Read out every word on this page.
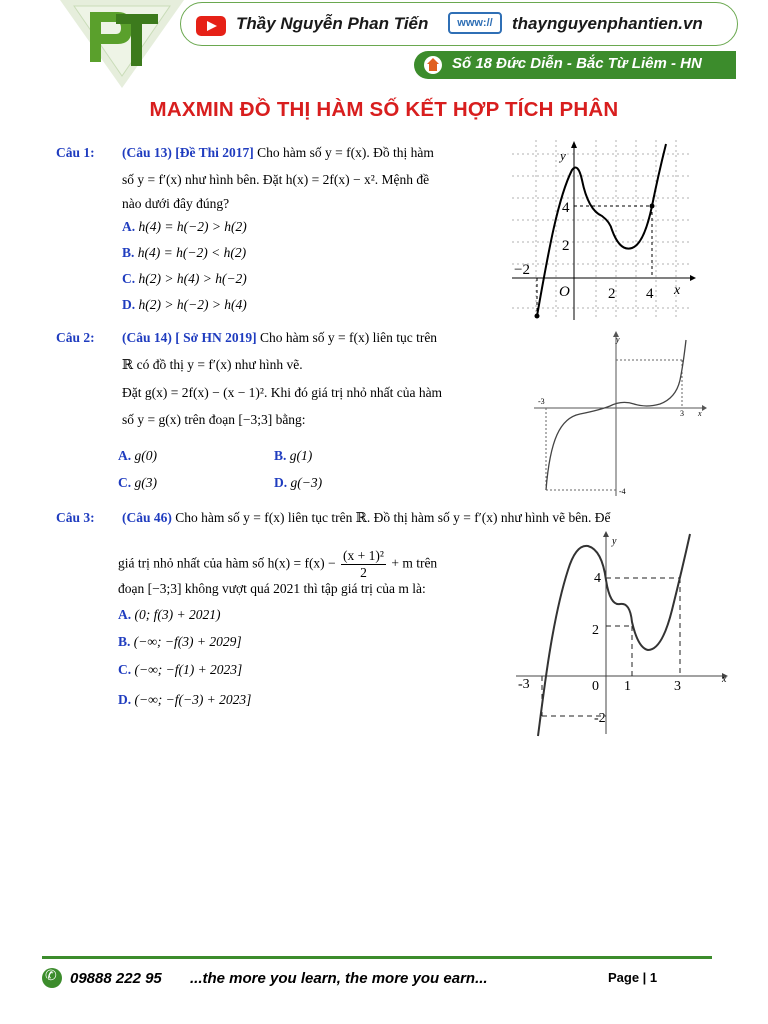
Thầy Nguyễn Phan Tiến	www://	thaynguyenphantien.vn
Số 18 Đức Diễn - Bắc Từ Liêm - HN
MAXMIN ĐỒ THỊ HÀM SỐ KẾT HỢP TÍCH PHÂN
Câu 1: (Câu 13) [Đề Thi 2017] Cho hàm số y = f(x). Đồ thị hàm
số y = f′(x) như hình bên. Đặt h(x) = 2f(x) − x². Mệnh đề
nào dưới đây đúng?
A. h(4) = h(−2) > h(2)
B. h(4) = h(−2) < h(2)
C. h(2) > h(4) > h(−2)
D. h(2) > h(−2) > h(4)
y
x
O
4
2
−2
2 4
Câu 2: (Câu 14) [ Sở HN 2019] Cho hàm số y = f(x) liên tục trên
ℝ có đồ thị y = f′(x) như hình vẽ.
Đặt g(x) = 2f(x) − (x − 1)². Khi đó giá trị nhỏ nhất của hàm
số y = g(x) trên đoạn [−3;3] bằng:
A. g(0)	B. g(1)
C. g(3)	D. g(−3)
y
x
-3
3
-4
Câu 3: (Câu 46) Cho hàm số y = f(x) liên tục trên ℝ. Đồ thị hàm số y = f′(x) như hình vẽ bên. Để
giá trị nhỏ nhất của hàm số $h(x) = f(x) - \frac{\text{(x + 1)²}}{2} + m$ trên
đoạn [−3;3] không vượt quá 2021 thì tập giá trị của m là:
A. (0; f(3) + 2021)
B. (−∞; −f(3) + 2029]
C. (−∞; −f(1) + 2023]
D. (−∞; −f(−3) + 2023]
y
x
0
4
2
-2
-3	1	3
✆
09888 222 95 ...the more you learn, the more you earn...	Page | 1
